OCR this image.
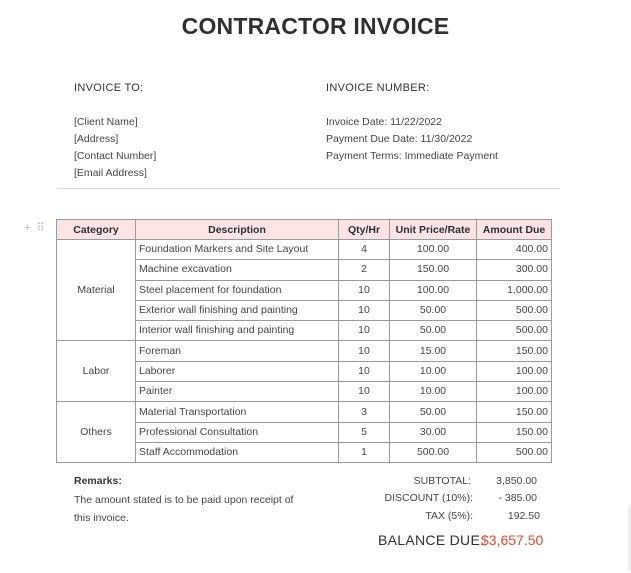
CONTRACTOR INVOICE
INVOICE TO:
[Client Name]
[Address]
[Contact Number]
[Email Address]
INVOICE NUMBER:
Invoice Date: 11/22/2022
Payment Due Date: 11/30/2022
Payment Terms: Immediate Payment
+ ⠿	Category	Description	Qty/Hr	Unit Price/Rate	Amount Due
Material	Foundation Markers and Site Layout	4	100.00	400.00
	Machine excavation	2	150.00	300.00
	Steel placement for foundation	10	100.00	1,000.00
	Exterior wall finishing and painting	10	50.00	500.00
	Interior wall finishing and painting	10	50.00	500.00
Labor	Foreman	10	15.00	150.00
	Laborer	10	10.00	100.00
	Painter	10	10.00	100.00
Others	Material Transportation	3	50.00	150.00
	Professional Consultation	5	30.00	150.00
	Staff Accommodation	1	500.00	500.00
Remarks:
The amount stated is to be paid upon receipt of
this invoice.
SUBTOTAL: 3,850.00
DISCOUNT (10%): - 385.00
TAX (5%):	192.50
BALANCE DUE:
$3,657.50
